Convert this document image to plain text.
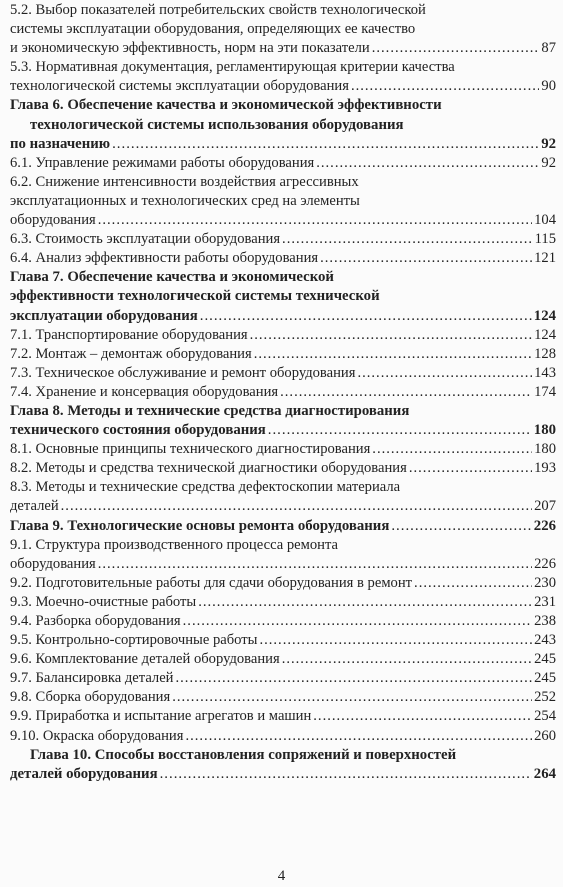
5.2. Выбор показателей потребительских свойств технологической
системы эксплуатации оборудования, определяющих ее качество
и экономическую эффективность, норм на эти показатели .....	87
5.3. Нормативная документация, регламентирующая критерии качества
технологической системы эксплуатации оборудования .....	90
Глава 6. Обеспечение качества и экономической эффективности
технологической системы использования оборудования
по назначению .....	92
6.1. Управление режимами работы оборудования .....	92
6.2. Снижение интенсивности воздействия агрессивных
эксплуатационных и технологических сред на элементы
оборудования .....	104
6.3. Стоимость эксплуатации оборудования .....	115
6.4. Анализ эффективности работы оборудования .....	121
Глава 7. Обеспечение качества и экономической
эффективности технологической системы технической
эксплуатации оборудования .....	124
7.1. Транспортирование оборудования .....	124
7.2. Монтаж – демонтаж оборудования .....	128
7.3. Техническое обслуживание и ремонт оборудования .....	143
7.4. Хранение и консервация оборудования .....	174
Глава 8. Методы и технические средства диагностирования
технического состояния оборудования .....	180
8.1. Основные принципы технического диагностирования .....	180
8.2. Методы и средства технической диагностики оборудования .....	193
8.3. Методы и технические средства дефектоскопии материала
деталей .....	207
Глава 9. Технологические основы ремонта оборудования .....	226
9.1. Структура производственного процесса ремонта
оборудования .....	226
9.2. Подготовительные работы для сдачи оборудования в ремонт .....	230
9.3. Моечно-очистные работы .....	231
9.4. Разборка оборудования .....	238
9.5. Контрольно-сортировочные работы .....	243
9.6. Комплектование деталей оборудования .....	245
9.7. Балансировка деталей .....	245
9.8. Сборка оборудования .....	252
9.9. Приработка и испытание агрегатов и машин .....	254
9.10. Окраска оборудования .....	260
Глава 10. Способы восстановления сопряжений и поверхностей
деталей оборудования .....	264
4
